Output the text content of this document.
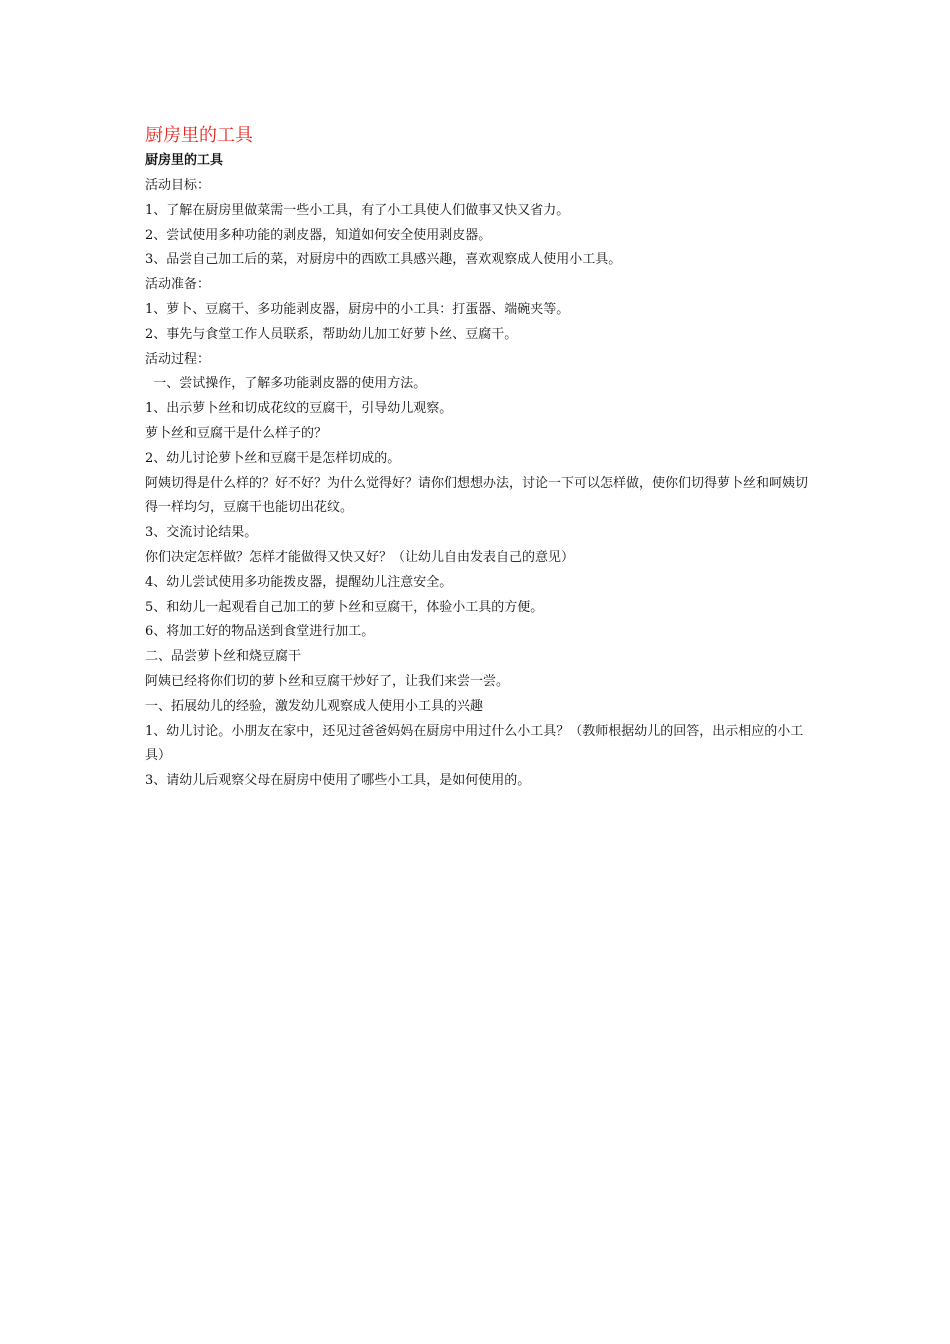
厨房里的工具
厨房里的工具

活动目标：

1、了解在厨房里做菜需一些小工具，有了小工具使人们做事又快又省力。

2、尝试使用多种功能的剥皮器，知道如何安全使用剥皮器。

3、品尝自己加工后的菜，对厨房中的西欧工具感兴趣，喜欢观察成人使用小工具。

活动准备：

1、萝卜、豆腐干、多功能剥皮器，厨房中的小工具：打蛋器、端碗夹等。

2、事先与食堂工作人员联系，帮助幼儿加工好萝卜丝、豆腐干。

活动过程：

一、尝试操作，了解多功能剥皮器的使用方法。

1、出示萝卜丝和切成花纹的豆腐干，引导幼儿观察。

萝卜丝和豆腐干是什么样子的？

2、幼儿讨论萝卜丝和豆腐干是怎样切成的。

阿姨切得是什么样的？好不好？为什么觉得好？请你们想想办法，讨论一下可以怎样做，使你们切得萝卜丝和呵姨切得一样均匀，豆腐干也能切出花纹。

3、交流讨论结果。

你们决定怎样做？怎样才能做得又快又好？（让幼儿自由发表自己的意见）

4、幼儿尝试使用多功能拨皮器，提醒幼儿注意安全。

5、和幼儿一起观看自己加工的萝卜丝和豆腐干，体验小工具的方便。

6、将加工好的物品送到食堂进行加工。

二、品尝萝卜丝和烧豆腐干

阿姨已经将你们切的萝卜丝和豆腐干炒好了，让我们来尝一尝。

一、拓展幼儿的经验，激发幼儿观察成人使用小工具的兴趣

1、幼儿讨论。小朋友在家中，还见过爸爸妈妈在厨房中用过什么小工具？（教师根据幼儿的回答，出示相应的小工具）

3、请幼儿后观察父母在厨房中使用了哪些小工具，是如何使用的。
